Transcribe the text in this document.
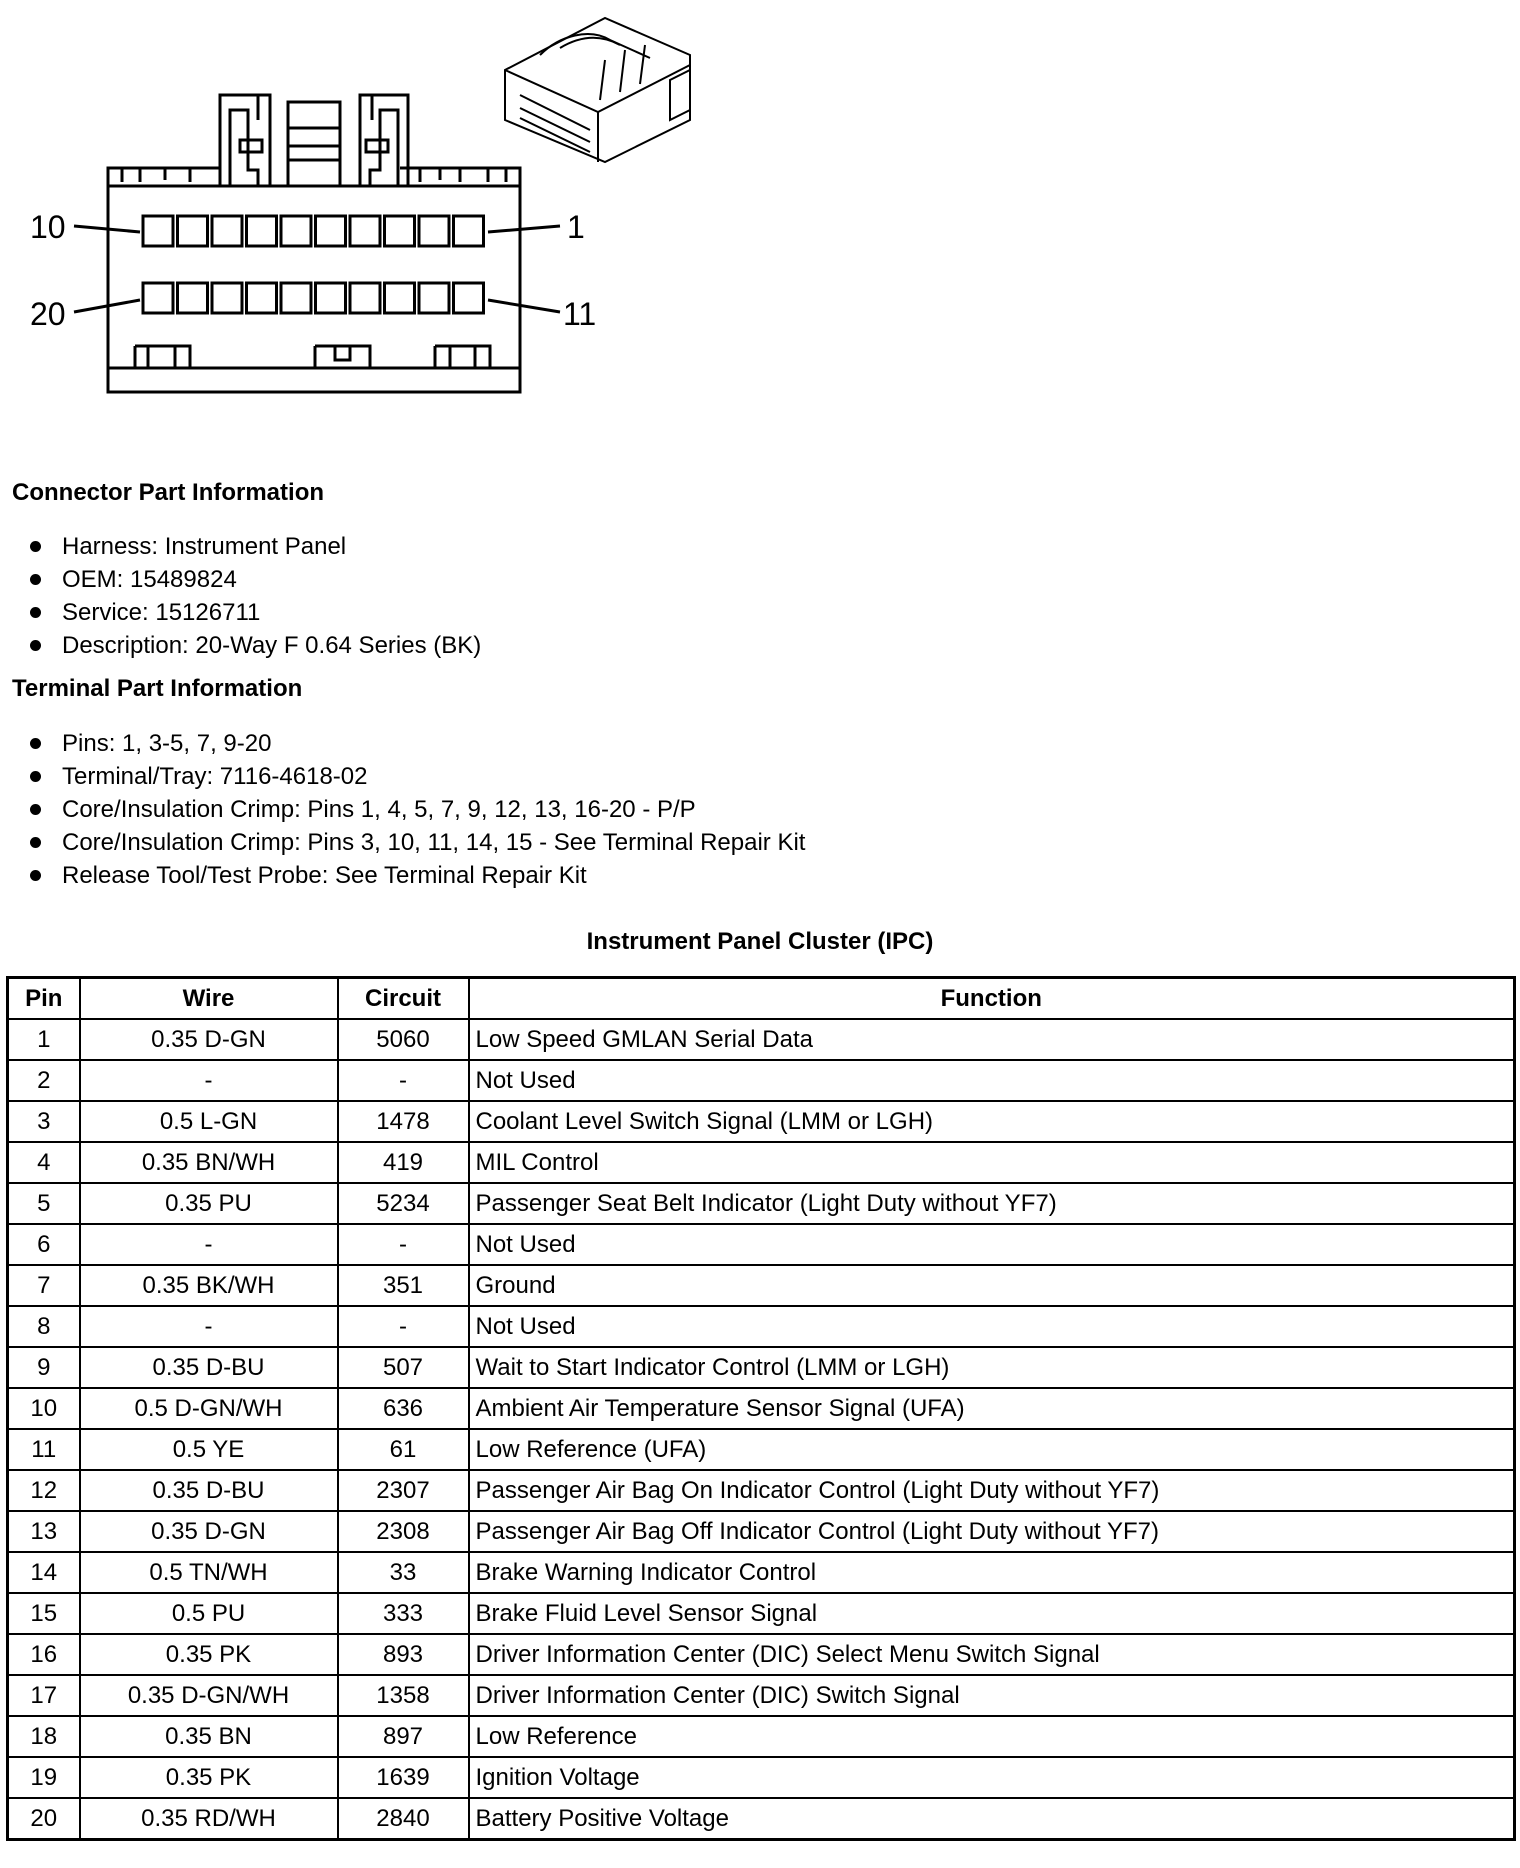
10	1
20	11
Connector Part Information
Harness: Instrument Panel
OEM: 15489824
Service: 15126711
Description: 20-Way F 0.64 Series (BK)
Terminal Part Information
Pins: 1, 3-5, 7, 9-20
Terminal/Tray: 7116-4618-02
Core/Insulation Crimp: Pins 1, 4, 5, 7, 9, 12, 13, 16-20 - P/P
Core/Insulation Crimp: Pins 3, 10, 11, 14, 15 - See Terminal Repair Kit
Release Tool/Test Probe: See Terminal Repair Kit
Instrument Panel Cluster (IPC)
Pin	Wire	Circuit	Function
1	0.35 D-GN	5060	Low Speed GMLAN Serial Data
2	-	-	Not Used
3	0.5 L-GN	1478	Coolant Level Switch Signal (LMM or LGH)
4	0.35 BN/WH	419	MIL Control
5	0.35 PU	5234	Passenger Seat Belt Indicator (Light Duty without YF7)
6	-	-	Not Used
7	0.35 BK/WH	351	Ground
8	-	-	Not Used
9	0.35 D-BU	507	Wait to Start Indicator Control (LMM or LGH)
10	0.5 D-GN/WH	636	Ambient Air Temperature Sensor Signal (UFA)
11	0.5 YE	61	Low Reference (UFA)
12	0.35 D-BU	2307	Passenger Air Bag On Indicator Control (Light Duty without YF7)
13	0.35 D-GN	2308	Passenger Air Bag Off Indicator Control (Light Duty without YF7)
14	0.5 TN/WH	33	Brake Warning Indicator Control
15	0.5 PU	333	Brake Fluid Level Sensor Signal
16	0.35 PK	893	Driver Information Center (DIC) Select Menu Switch Signal
17	0.35 D-GN/WH	1358	Driver Information Center (DIC) Switch Signal
18	0.35 BN	897	Low Reference
19	0.35 PK	1639	Ignition Voltage
20	0.35 RD/WH	2840	Battery Positive Voltage
